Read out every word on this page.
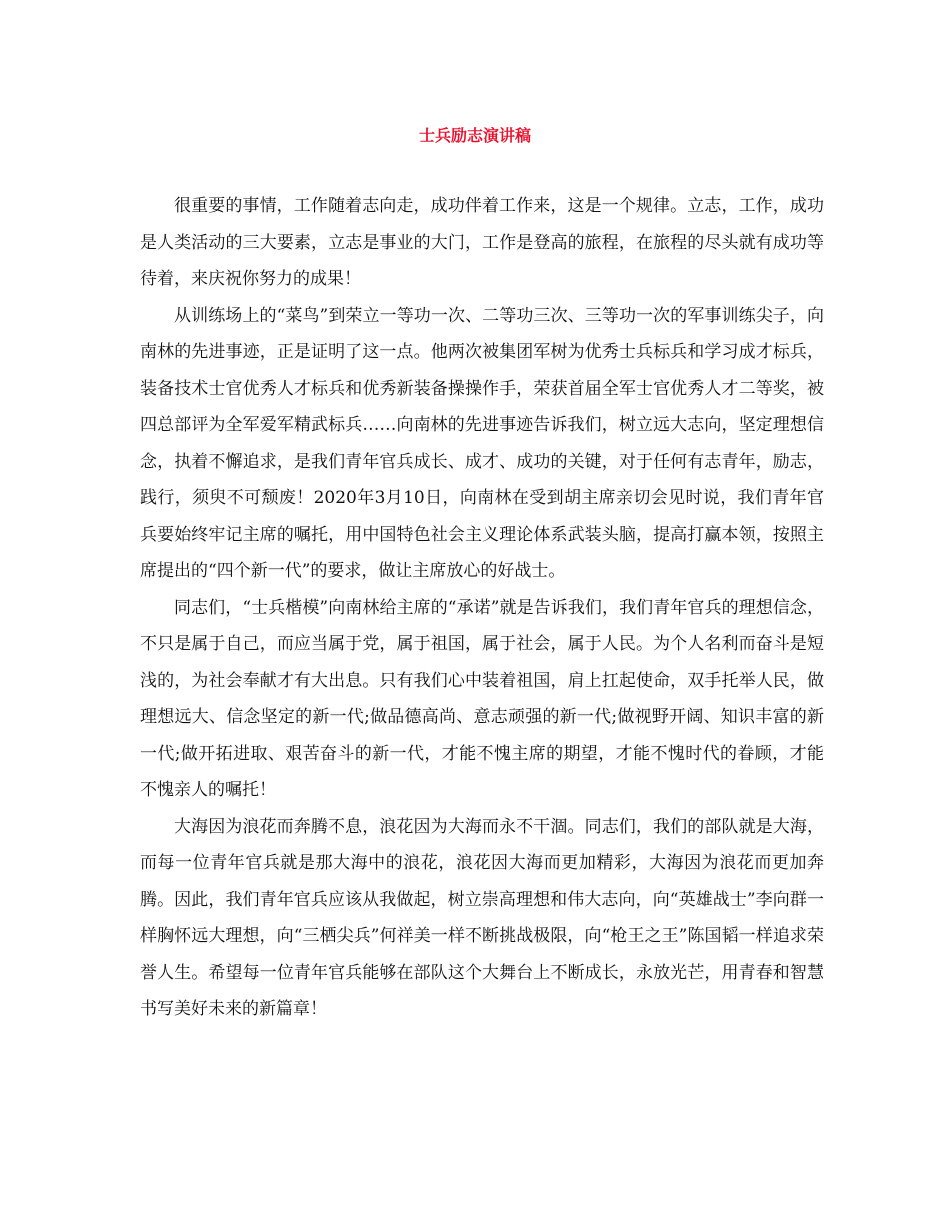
士兵励志演讲稿

很重要的事情，工作随着志向走，成功伴着工作来，这是一个规律。立志，工作，成功是人类活动的三大要素，立志是事业的大门，工作是登高的旅程，在旅程的尽头就有成功等待着，来庆祝你努力的成果！

从训练场上的“菜鸟”到荣立一等功一次、二等功三次、三等功一次的军事训练尖子，向南林的先进事迹，正是证明了这一点。他两次被集团军树为优秀士兵标兵和学习成才标兵，装备技术士官优秀人才标兵和优秀新装备操操作手，荣获首届全军士官优秀人才二等奖，被四总部评为全军爱军精武标兵……向南林的先进事迹告诉我们，树立远大志向，坚定理想信念，执着不懈追求，是我们青年官兵成长、成才、成功的关键，对于任何有志青年，励志，践行，须臾不可颓废！2020年3月10日，向南林在受到胡主席亲切会见时说，我们青年官兵要始终牢记主席的嘱托，用中国特色社会主义理论体系武装头脑，提高打赢本领，按照主席提出的“四个新一代”的要求，做让主席放心的好战士。

同志们，“士兵楷模”向南林给主席的“承诺”就是告诉我们，我们青年官兵的理想信念，不只是属于自己，而应当属于党，属于祖国，属于社会，属于人民。为个人名利而奋斗是短浅的，为社会奉献才有大出息。只有我们心中装着祖国，肩上扛起使命，双手托举人民，做理想远大、信念坚定的新一代;做品德高尚、意志顽强的新一代;做视野开阔、知识丰富的新一代;做开拓进取、艰苦奋斗的新一代，才能不愧主席的期望，才能不愧时代的眷顾，才能不愧亲人的嘱托！

大海因为浪花而奔腾不息，浪花因为大海而永不干涸。同志们，我们的部队就是大海，而每一位青年官兵就是那大海中的浪花，浪花因大海而更加精彩，大海因为浪花而更加奔腾。因此，我们青年官兵应该从我做起，树立崇高理想和伟大志向，向“英雄战士”李向群一样胸怀远大理想，向“三栖尖兵”何祥美一样不断挑战极限，向“枪王之王”陈国韬一样追求荣誉人生。希望每一位青年官兵能够在部队这个大舞台上不断成长，永放光芒，用青春和智慧书写美好未来的新篇章！
